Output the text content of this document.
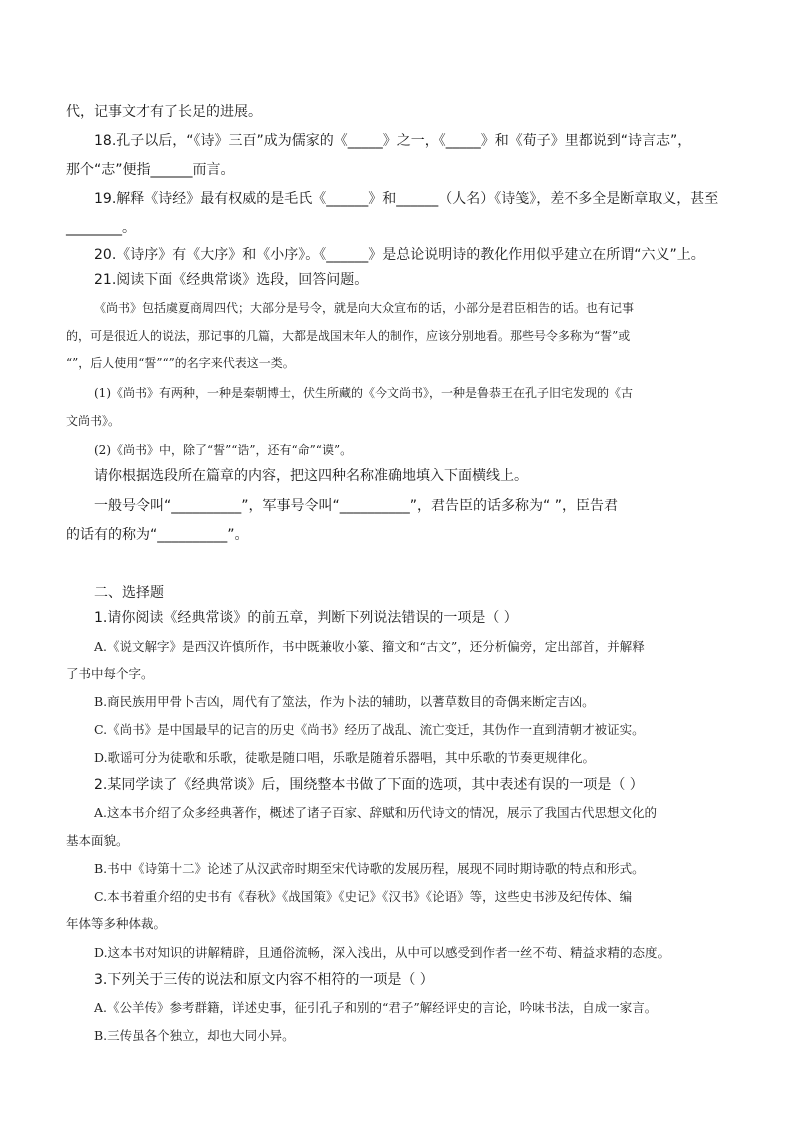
代，记事文才有了长足的进展。
18.孔子以后，“《诗》三百”成为儒家的《_____》之一，《_____》和《荀子》里都说到“诗言志”，
那个“志”便指______而言。
19.解释《诗经》最有权威的是毛氏《______》和______（人名）《诗笺》，差不多全是断章取义，甚至
________。
20.《诗序》有《大序》和《小序》。《______》是总论说明诗的教化作用似乎建立在所谓“六义”上。
21.阅读下面《经典常谈》选段，回答问题。
《尚书》包括虞夏商周四代；大部分是号令，就是向大众宣布的话，小部分是君臣相告的话。也有记事
的，可是很近人的说法，那记事的几篇，大都是战国末年人的制作，应该分别地看。那些号令多称为“誓”或
“”，后人使用“誓”“”的名字来代表这一类。
(1)《尚书》有两种，一种是秦朝博士，伏生所藏的《今文尚书》，一种是鲁恭王在孔子旧宅发现的《古
文尚书》。
(2)《尚书》中，除了“誓”“诰”，还有“命”“谟”。
请你根据选段所在篇章的内容，把这四种名称准确地填入下面横线上。
一般号令叫“__________”，军事号令叫“__________”，君告臣的话多称为“ ”，臣告君
的话有的称为“__________”。
二、选择题
1.请你阅读《经典常谈》的前五章，判断下列说法错误的一项是（ ）
A.《说文解字》是西汉许慎所作，书中既兼收小篆、籀文和“古文”，还分析偏旁，定出部首，并解释
了书中每个字。
B.商民族用甲骨卜吉凶，周代有了筮法，作为卜法的辅助，以蓍草数目的奇偶来断定吉凶。
C.《尚书》是中国最早的记言的历史《尚书》经历了战乱、流亡变迁，其伪作一直到清朝才被证实。
D.歌谣可分为徒歌和乐歌，徒歌是随口唱，乐歌是随着乐器唱，其中乐歌的节奏更规律化。
2.某同学读了《经典常谈》后，围绕整本书做了下面的选项，其中表述有误的一项是（ ）
A.这本书介绍了众多经典著作，概述了诸子百家、辞赋和历代诗文的情况，展示了我国古代思想文化的
基本面貌。
B.书中《诗第十二》论述了从汉武帝时期至宋代诗歌的发展历程，展现不同时期诗歌的特点和形式。
C.本书着重介绍的史书有《春秋》《战国策》《史记》《汉书》《论语》等，这些史书涉及纪传体、编
年体等多种体裁。
D.这本书对知识的讲解精辟，且通俗流畅，深入浅出，从中可以感受到作者一丝不苟、精益求精的态度。
3.下列关于三传的说法和原文内容不相符的一项是（ ）
A.《公羊传》参考群籍，详述史事，征引孔子和别的“君子”解经评史的言论，吟味书法，自成一家言。
B.三传虽各个独立，却也大同小异。
